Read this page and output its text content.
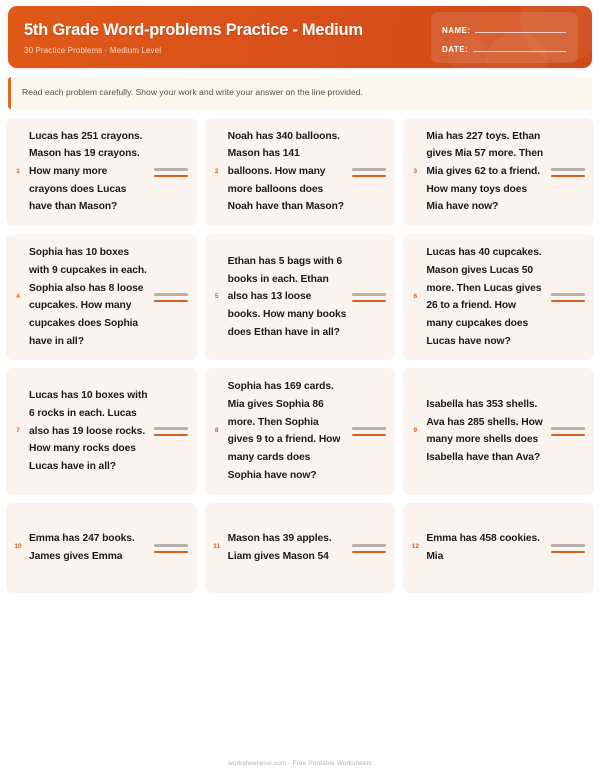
5th Grade Word-problems Practice - Medium
30 Practice Problems · Medium Level
NAME:
DATE:
Read each problem carefully. Show your work and write your answer on the line provided.
1
Lucas has 251 crayons. Mason has 19 crayons. How many more crayons does Lucas have than Mason?
2
Noah has 340 balloons. Mason has 141 balloons. How many more balloons does Noah have than Mason?
3
Mia has 227 toys. Ethan gives Mia 57 more. Then Mia gives 62 to a friend. How many toys does Mia have now?
4
Sophia has 10 boxes with 9 cupcakes in each. Sophia also has 8 loose cupcakes. How many cupcakes does Sophia have in all?
5
Ethan has 5 bags with 6 books in each. Ethan also has 13 loose books. How many books does Ethan have in all?
6
Lucas has 40 cupcakes. Mason gives Lucas 50 more. Then Lucas gives 26 to a friend. How many cupcakes does Lucas have now?
7
Lucas has 10 boxes with 6 rocks in each. Lucas also has 19 loose rocks. How many rocks does Lucas have in all?
8
Sophia has 169 cards. Mia gives Sophia 86 more. Then Sophia gives 9 to a friend. How many cards does Sophia have now?
9
Isabella has 353 shells. Ava has 285 shells. How many more shells does Isabella have than Ava?
10
Emma has 247 books. James gives Emma
11
Mason has 39 apples. Liam gives Mason 54
12
Emma has 458 cookies. Mia
worksheetwise.com - Free Printable Worksheets
